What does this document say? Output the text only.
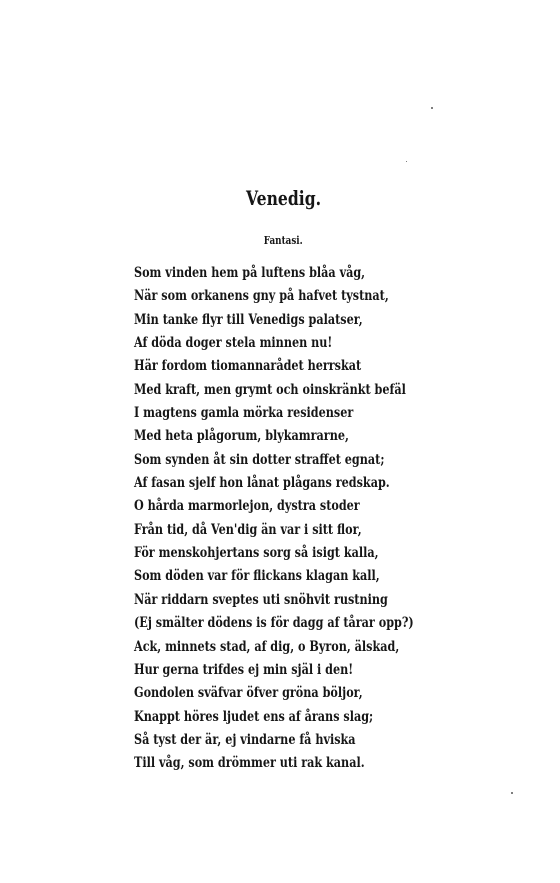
Venedig.
Fantasi.
Som vinden hem på luftens blåa våg,
När som orkanens gny på hafvet tystnat,
Min tanke flyr till Venedigs palatser,
Af döda doger stela minnen nu!
Här fordom tiomannarådet herrskat
Med kraft, men grymt och oinskränkt befäl
I magtens gamla mörka residenser
Med heta plågorum, blykamrarne,
Som synden åt sin dotter straffet egnat;
Af fasan sjelf hon lånat plågans redskap.
O hårda marmorlejon, dystra stoder
Från tid, då Ven'dig än var i sitt flor,
För menskohjertans sorg så isigt kalla,
Som döden var för flickans klagan kall,
När riddarn sveptes uti snöhvit rustning
(Ej smälter dödens is för dagg af tårar opp?)
Ack, minnets stad, af dig, o Byron, älskad,
Hur gerna trifdes ej min själ i den!
Gondolen sväfvar öfver gröna böljor,
Knappt höres ljudet ens af årans slag;
Så tyst der är, ej vindarne få hviska
Till våg, som drömmer uti rak kanal.
